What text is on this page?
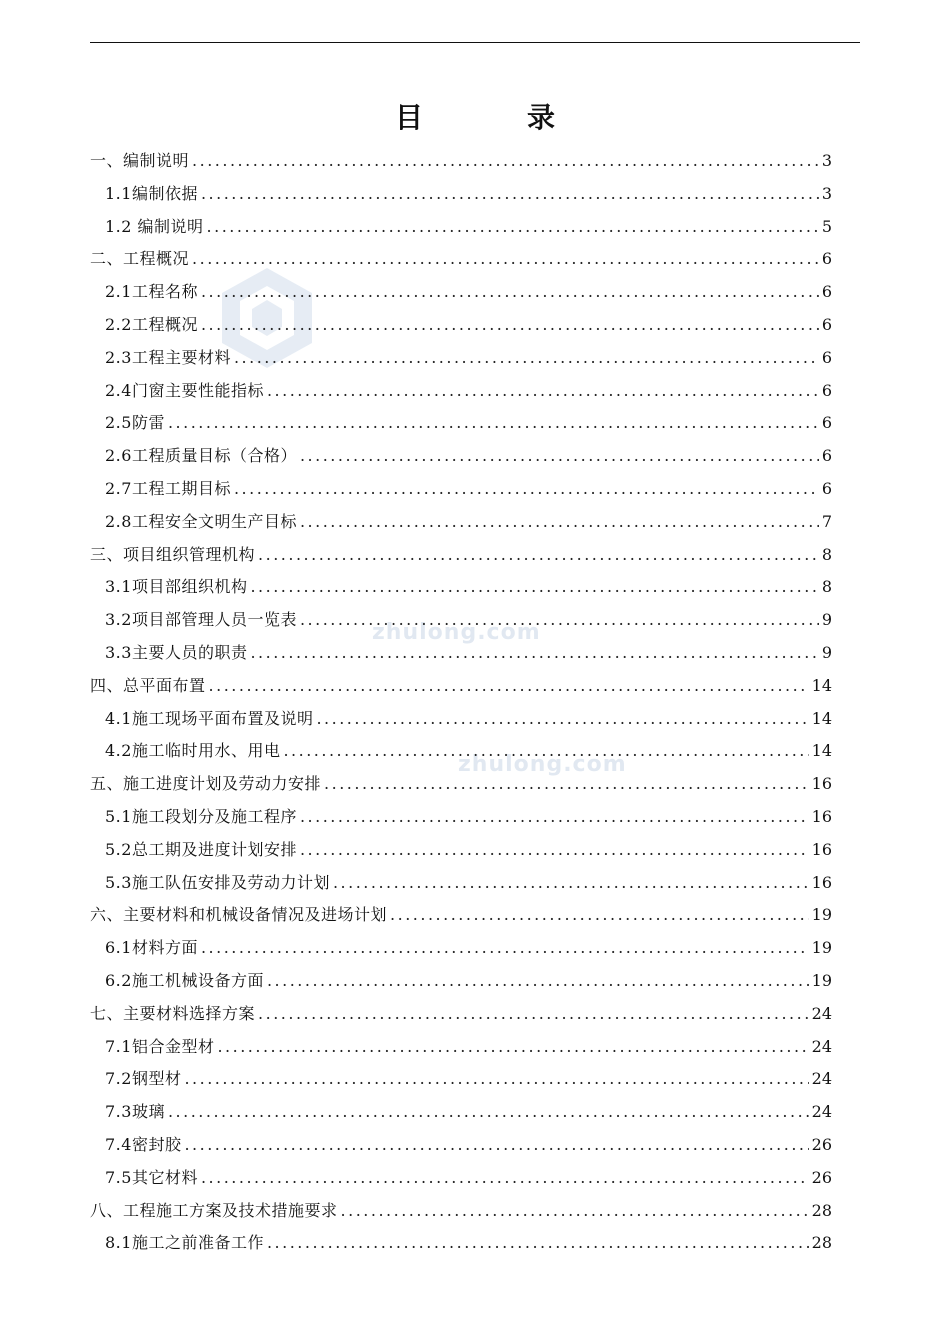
zhulong.com
zhulong.com
目　录
一、编制说明 .....	3
1.1编制依据 .....	3
1.2 编制说明 .....	5
二、工程概况 .....	6
2.1工程名称 .....	6
2.2工程概况 .....	6
2.3工程主要材料 .....	6
2.4门窗主要性能指标 .....	6
2.5防雷 .....	6
2.6工程质量目标（合格） .....	6
2.7工程工期目标 .....	6
2.8工程安全文明生产目标 .....	7
三、项目组织管理机构 .....	8
3.1项目部组织机构 .....	8
3.2项目部管理人员一览表 .....	9
3.3主要人员的职责 .....	9
四、总平面布置 .....	14
4.1施工现场平面布置及说明 .....	14
4.2施工临时用水、用电 .....	14
五、施工进度计划及劳动力安排 .....	16
5.1施工段划分及施工程序 .....	16
5.2总工期及进度计划安排 .....	16
5.3施工队伍安排及劳动力计划 .....	16
六、主要材料和机械设备情况及进场计划 .....	19
6.1材料方面 .....	19
6.2施工机械设备方面 .....	19
七、主要材料选择方案 .....	24
7.1铝合金型材 .....	24
7.2钢型材 .....	24
7.3玻璃 .....	24
7.4密封胶 .....	26
7.5其它材料 .....	26
八、工程施工方案及技术措施要求 .....	28
8.1施工之前准备工作 .....	28
